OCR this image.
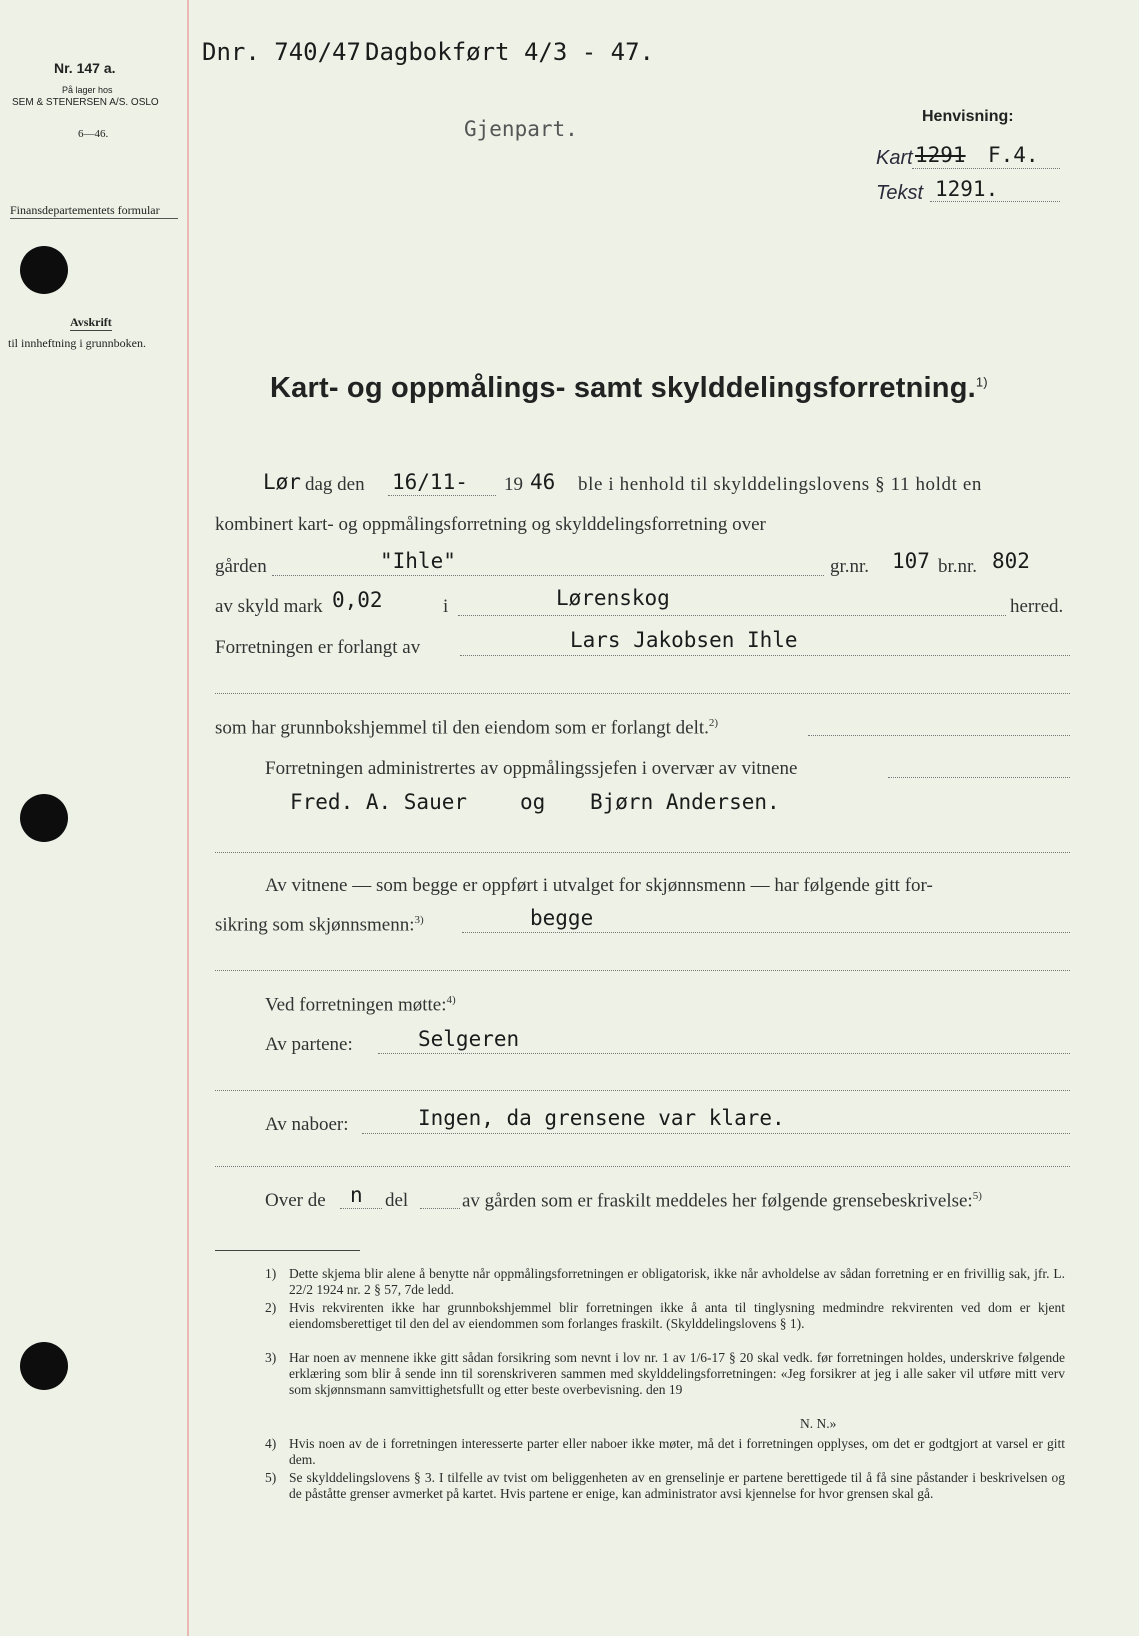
Nr. 147 a.
På lager hos
SEM & STENERSEN A/S. OSLO
6—46.
Finansdepartementets formular
Avskrift
til innheftning i grunnboken.
Dnr. 740/47.
Dagbokført 4/3 - 47.
Gjenpart.
Henvisning:
Kart 1291 F.4.
Tekst 1291.
Kart- og oppmålings- samt skylddelingsforretning.$^{1)}$
Lør dag den 16/11- 19 46 ble i henhold til skylddelingslovens § 11 holdt en
kombinert kart- og oppmålingsforretning og skylddelingsforretning over
gården	"Ihle"	gr.nr. 107 br.nr. 802
av skyld mark 0,02	i	Lørenskog	herred.
Forretningen er forlangt av	Lars Jakobsen Ihle
som har grunnbokshjemmel til den eiendom som er forlangt delt.$^{2)}$
Forretningen administrertes av oppmålingssjefen i overvær av vitnene
Fred. A. Sauer	og Bjørn Andersen.
Av vitnene — som begge er oppført i utvalget for skjønnsmenn — har følgende gitt for-
sikring som skjønnsmenn:$^{3)}$	begge
Ved forretningen møtte:$^{4)}$
Av partene:	Selgeren
Av naboer:	Ingen, da grensene var klare.
Over de n del	av gården som er fraskilt meddeles her følgende grensebeskrivelse:$^{5)}$
1) Dette skjema blir alene å benytte når oppmålingsforretningen er obligatorisk, ikke når avholdelse av sådan forretning er en frivillig sak, jfr. L. 22/2 1924 nr. 2 § 57, 7de ledd.
2) Hvis rekvirenten ikke har grunnbokshjemmel blir forretningen ikke å anta til tinglysning medmindre rekvirenten ved dom er kjent eiendomsberettiget til den del av eiendommen som forlanges fraskilt. (Skylddelingslovens § 1).
3) Har noen av mennene ikke gitt sådan forsikring som nevnt i lov nr. 1 av 1/6-17 § 20 skal vedk. før forretningen holdes, underskrive følgende erklæring som blir å sende inn til sorenskriveren sammen med skylddelingsforretningen: «Jeg forsikrer at jeg i alle saker vil utføre mitt verv som skjønnsmann samvittighetsfullt og etter beste overbevisning. den 19
N. N.»
4) Hvis noen av de i forretningen interesserte parter eller naboer ikke møter, må det i forretningen opplyses, om det er godtgjort at varsel er gitt dem.
5) Se skylddelingslovens § 3. I tilfelle av tvist om beliggenheten av en grenselinje er partene berettigede til å få sine påstander i beskrivelsen og de påståtte grenser avmerket på kartet. Hvis partene er enige, kan administrator avsi kjennelse for hvor grensen skal gå.
